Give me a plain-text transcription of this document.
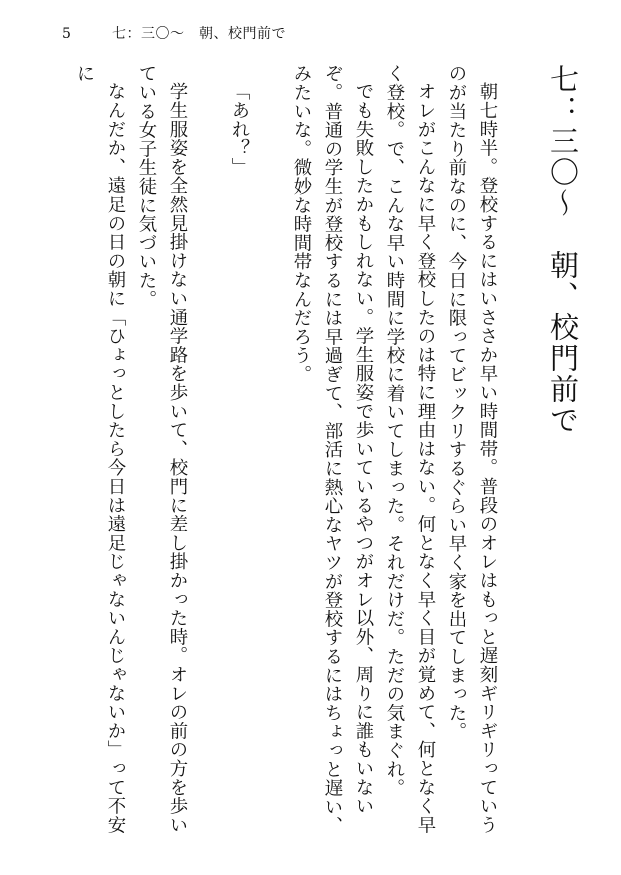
5	七：三〇～　朝、校門前で
七：三〇～　朝、校門前で

朝七時半。登校するにはいささか早い時間帯。普段のオレはもっと遅刻ギリギリっていうのが当たり前なのに、今日に限ってビックリするぐらい早く家を出てしまった。

オレがこんなに早く登校したのは特に理由はない。何となく早く目が覚めて、何となく早く登校。で、こんな早い時間に学校に着いてしまった。それだけだ。ただの気まぐれ。

でも失敗したかもしれない。学生服姿で歩いているやつがオレ以外、周りに誰もいないぞ。普通の学生が登校するには早過ぎて、部活に熱心なヤツが登校するにはちょっと遅い、みたいな。微妙な時間帯なんだろう。

「あれ？」

学生服姿を全然見掛けない通学路を歩いて、校門に差し掛かった時。オレの前の方を歩いている女子生徒に気づいた。

なんだか、遠足の日の朝に「ひょっとしたら今日は遠足じゃないんじゃないか」って不安に
